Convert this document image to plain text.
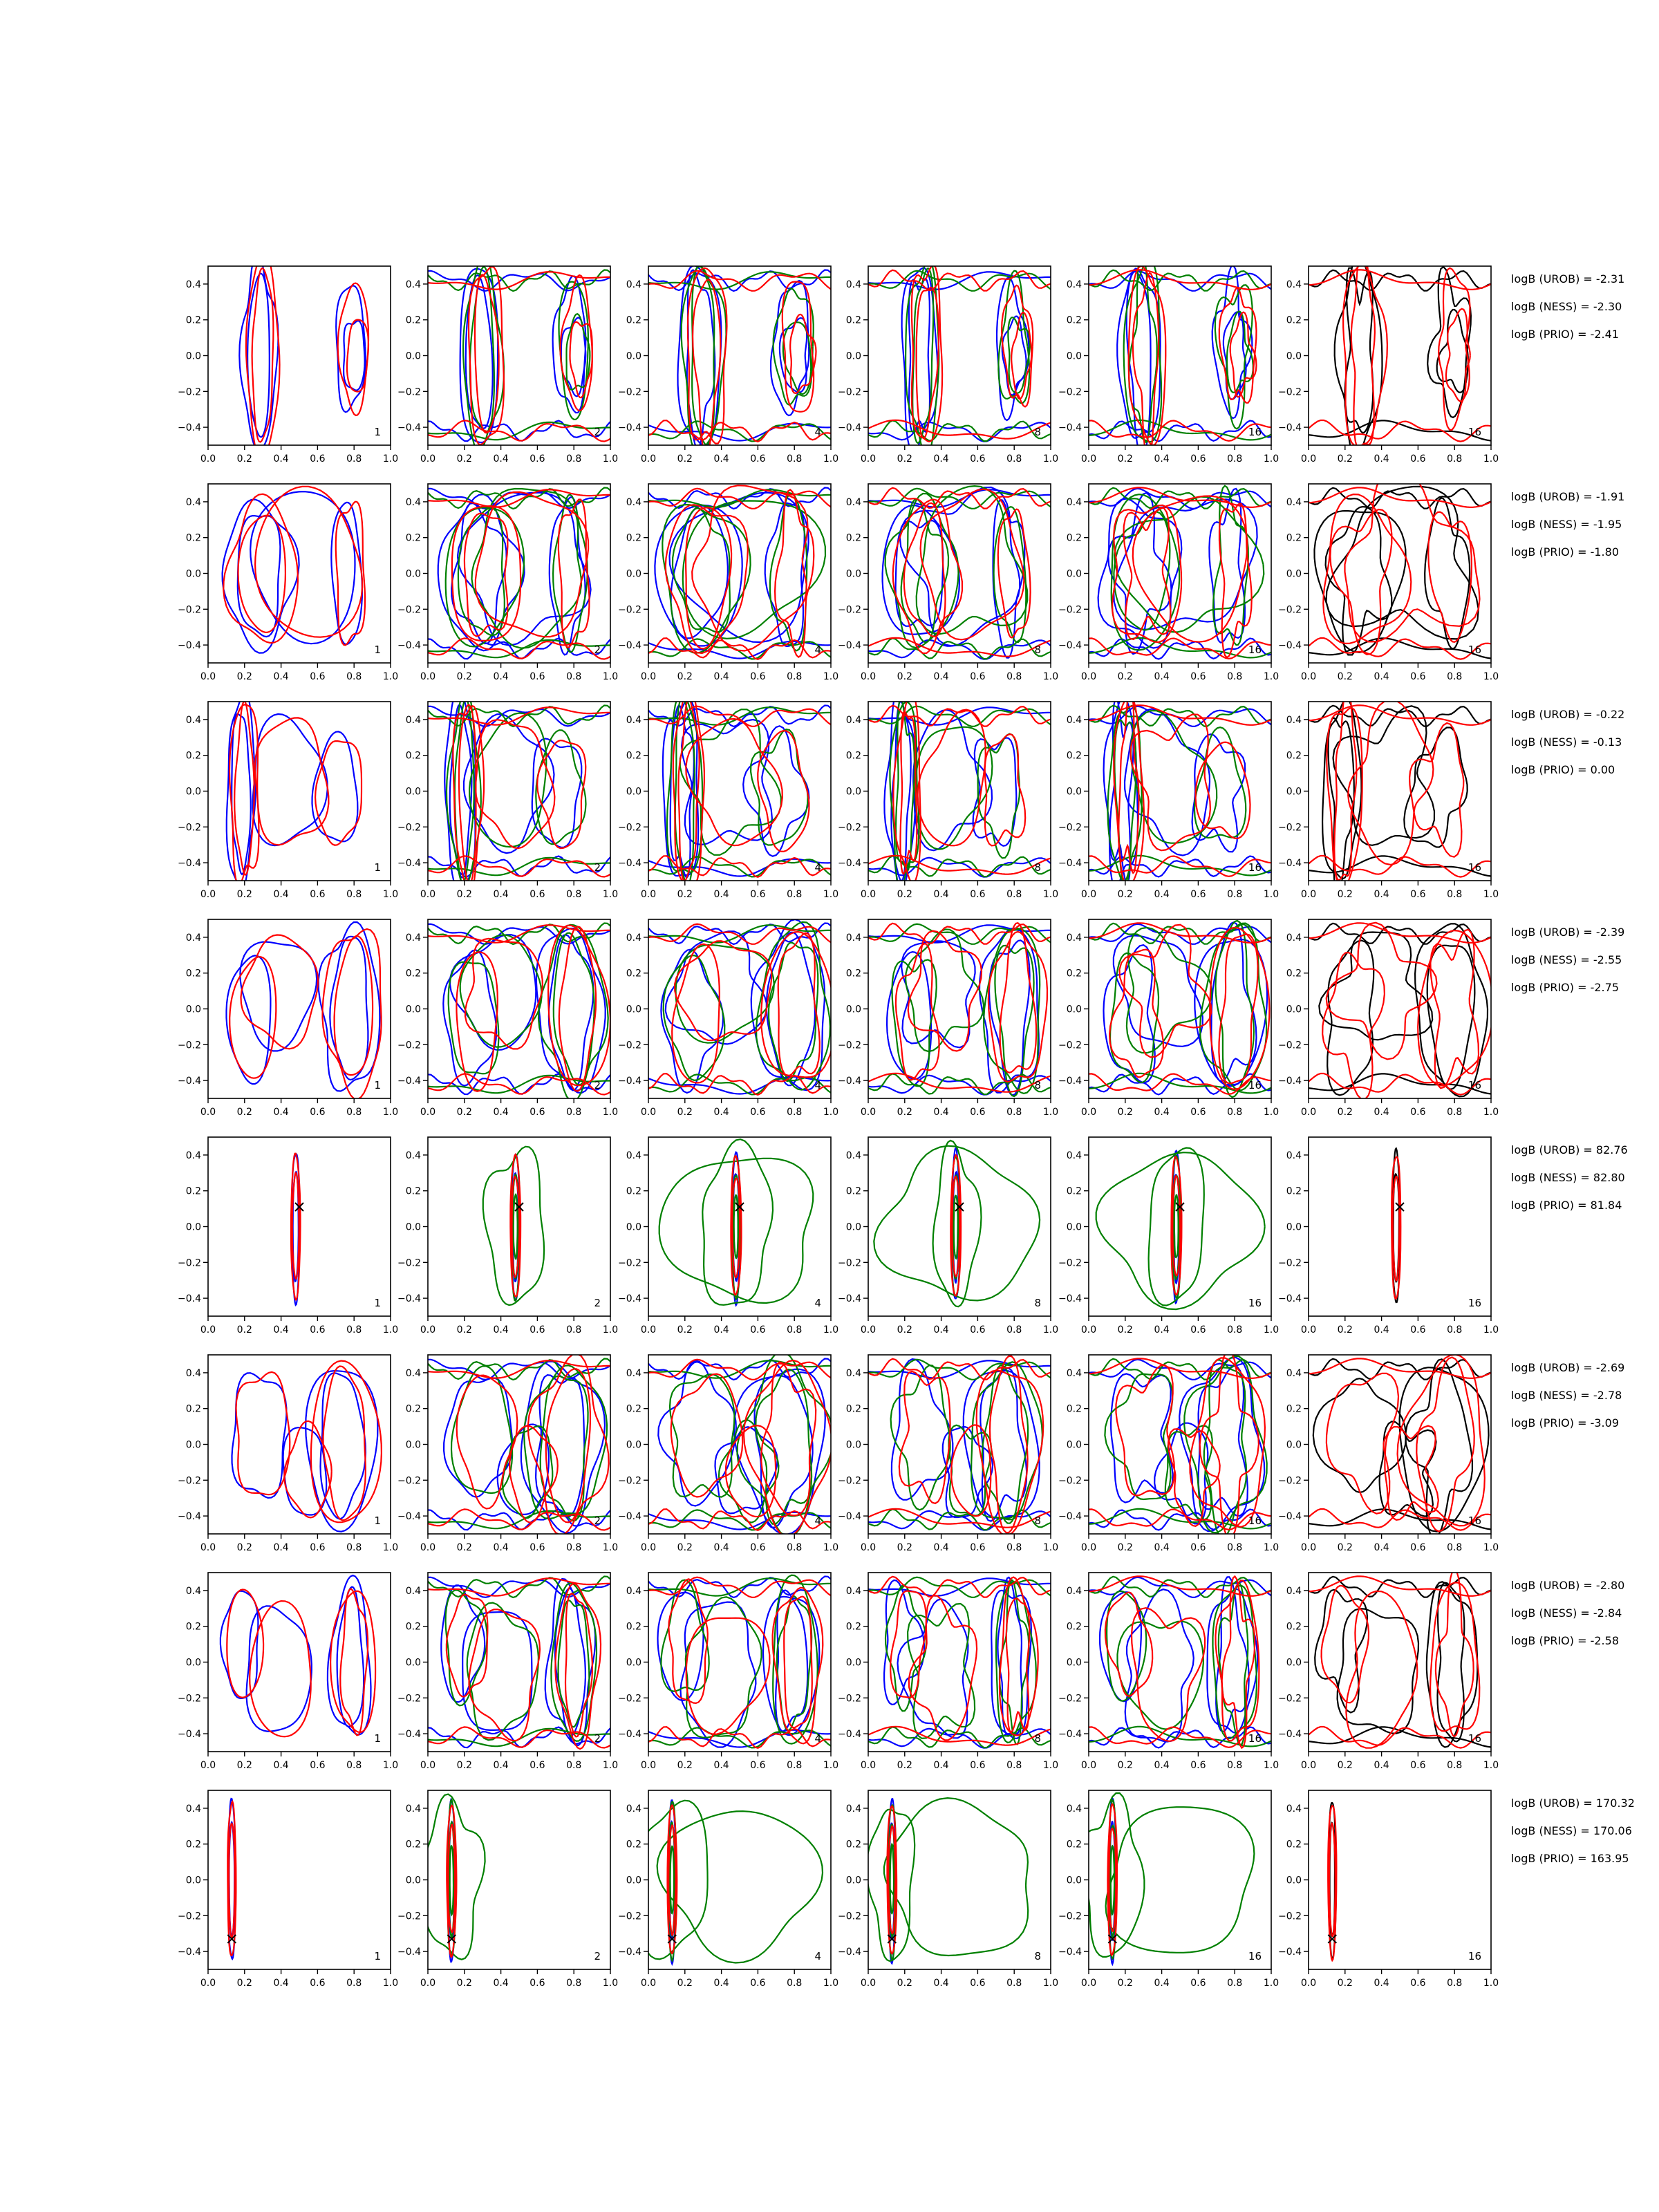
0.0 0.2 0.4 0.6 0.8 1.0
0.4
0.2
0.0
−0.2
−0.4	1
0.0 0.2 0.4 0.6 0.8 1.0
0.4
0.2
0.0
−0.2
−0.4	2
0.0 0.2 0.4 0.6 0.8 1.0
0.4
0.2
0.0
−0.2
−0.4	4
0.0 0.2 0.4 0.6 0.8 1.0
0.4
0.2
0.0
−0.2
−0.4	8
0.0 0.2 0.4 0.6 0.8 1.0
0.4
0.2
0.0
−0.2
−0.4	16
0.0 0.2 0.4 0.6 0.8 1.0
0.4
0.2
0.0
−0.2
−0.4	16
logB (UROB) = -2.31
logB (NESS) = -2.30
logB (PRIO) = -2.41
0.0 0.2 0.4 0.6 0.8 1.0
0.4
0.2
0.0
−0.2
−0.4	1
0.0 0.2 0.4 0.6 0.8 1.0
0.4
0.2
0.0
−0.2
−0.4	2
0.0 0.2 0.4 0.6 0.8 1.0
0.4
0.2
0.0
−0.2
−0.4	4
0.0 0.2 0.4 0.6 0.8 1.0
0.4
0.2
0.0
−0.2
−0.4	8
0.0 0.2 0.4 0.6 0.8 1.0
0.4
0.2
0.0
−0.2
−0.4	16
0.0 0.2 0.4 0.6 0.8 1.0
0.4
0.2
0.0
−0.2
−0.4	16
logB (UROB) = -1.91
logB (NESS) = -1.95
logB (PRIO) = -1.80
0.0 0.2 0.4 0.6 0.8 1.0
0.4
0.2
0.0
−0.2
−0.4	1
0.0 0.2 0.4 0.6 0.8 1.0
0.4
0.2
0.0
−0.2
−0.4	2
0.0 0.2 0.4 0.6 0.8 1.0
0.4
0.2
0.0
−0.2
−0.4	4
0.0 0.2 0.4 0.6 0.8 1.0
0.4
0.2
0.0
−0.2
−0.4	8
0.0 0.2 0.4 0.6 0.8 1.0
0.4
0.2
0.0
−0.2
−0.4	16
0.0 0.2 0.4 0.6 0.8 1.0
0.4
0.2
0.0
−0.2
−0.4	16
logB (UROB) = -0.22
logB (NESS) = -0.13
logB (PRIO) = 0.00
0.0 0.2 0.4 0.6 0.8 1.0
0.4
0.2
0.0
−0.2
−0.4	1
0.0 0.2 0.4 0.6 0.8 1.0
0.4
0.2
0.0
−0.2
−0.4	2
0.0 0.2 0.4 0.6 0.8 1.0
0.4
0.2
0.0
−0.2
−0.4	4
0.0 0.2 0.4 0.6 0.8 1.0
0.4
0.2
0.0
−0.2
−0.4	8
0.0 0.2 0.4 0.6 0.8 1.0
0.4
0.2
0.0
−0.2
−0.4	16
0.0 0.2 0.4 0.6 0.8 1.0
0.4
0.2
0.0
−0.2
−0.4	16
logB (UROB) = -2.39
logB (NESS) = -2.55
logB (PRIO) = -2.75
0.0 0.2 0.4 0.6 0.8 1.0
0.4
0.2
0.0
−0.2
−0.4	1
0.0 0.2 0.4 0.6 0.8 1.0
0.4
0.2
0.0
−0.2
−0.4	2
0.0 0.2 0.4 0.6 0.8 1.0
0.4
0.2
0.0
−0.2
−0.4	4
0.0 0.2 0.4 0.6 0.8 1.0
0.4
0.2
0.0
−0.2
−0.4	8
0.0 0.2 0.4 0.6 0.8 1.0
0.4
0.2
0.0
−0.2
−0.4	16
0.0 0.2 0.4 0.6 0.8 1.0
0.4
0.2
0.0
−0.2
−0.4	16
logB (UROB) = 82.76
logB (NESS) = 82.80
logB (PRIO) = 81.84
0.0 0.2 0.4 0.6 0.8 1.0
0.4
0.2
0.0
−0.2
−0.4	1
0.0 0.2 0.4 0.6 0.8 1.0
0.4
0.2
0.0
−0.2
−0.4	2
0.0 0.2 0.4 0.6 0.8 1.0
0.4
0.2
0.0
−0.2
−0.4	4
0.0 0.2 0.4 0.6 0.8 1.0
0.4
0.2
0.0
−0.2
−0.4	8
0.0 0.2 0.4 0.6 0.8 1.0
0.4
0.2
0.0
−0.2
−0.4	16
0.0 0.2 0.4 0.6 0.8 1.0
0.4
0.2
0.0
−0.2
−0.4	16
logB (UROB) = -2.69
logB (NESS) = -2.78
logB (PRIO) = -3.09
0.0 0.2 0.4 0.6 0.8 1.0
0.4
0.2
0.0
−0.2
−0.4	1
0.0 0.2 0.4 0.6 0.8 1.0
0.4
0.2
0.0
−0.2
−0.4	2
0.0 0.2 0.4 0.6 0.8 1.0
0.4
0.2
0.0
−0.2
−0.4	4
0.0 0.2 0.4 0.6 0.8 1.0
0.4
0.2
0.0
−0.2
−0.4	8
0.0 0.2 0.4 0.6 0.8 1.0
0.4
0.2
0.0
−0.2
−0.4	16
0.0 0.2 0.4 0.6 0.8 1.0
0.4
0.2
0.0
−0.2
−0.4	16
logB (UROB) = -2.80
logB (NESS) = -2.84
logB (PRIO) = -2.58
0.0 0.2 0.4 0.6 0.8 1.0
0.4
0.2
0.0
−0.2
−0.4	1
0.0 0.2 0.4 0.6 0.8 1.0
0.4
0.2
0.0
−0.2
−0.4	2
0.0 0.2 0.4 0.6 0.8 1.0
0.4
0.2
0.0
−0.2
−0.4	4
0.0 0.2 0.4 0.6 0.8 1.0
0.4
0.2
0.0
−0.2
−0.4	8
0.0 0.2 0.4 0.6 0.8 1.0
0.4
0.2
0.0
−0.2
−0.4	16
0.0 0.2 0.4 0.6 0.8 1.0
0.4
0.2
0.0
−0.2
−0.4	16
logB (UROB) = 170.32
logB (NESS) = 170.06
logB (PRIO) = 163.95
